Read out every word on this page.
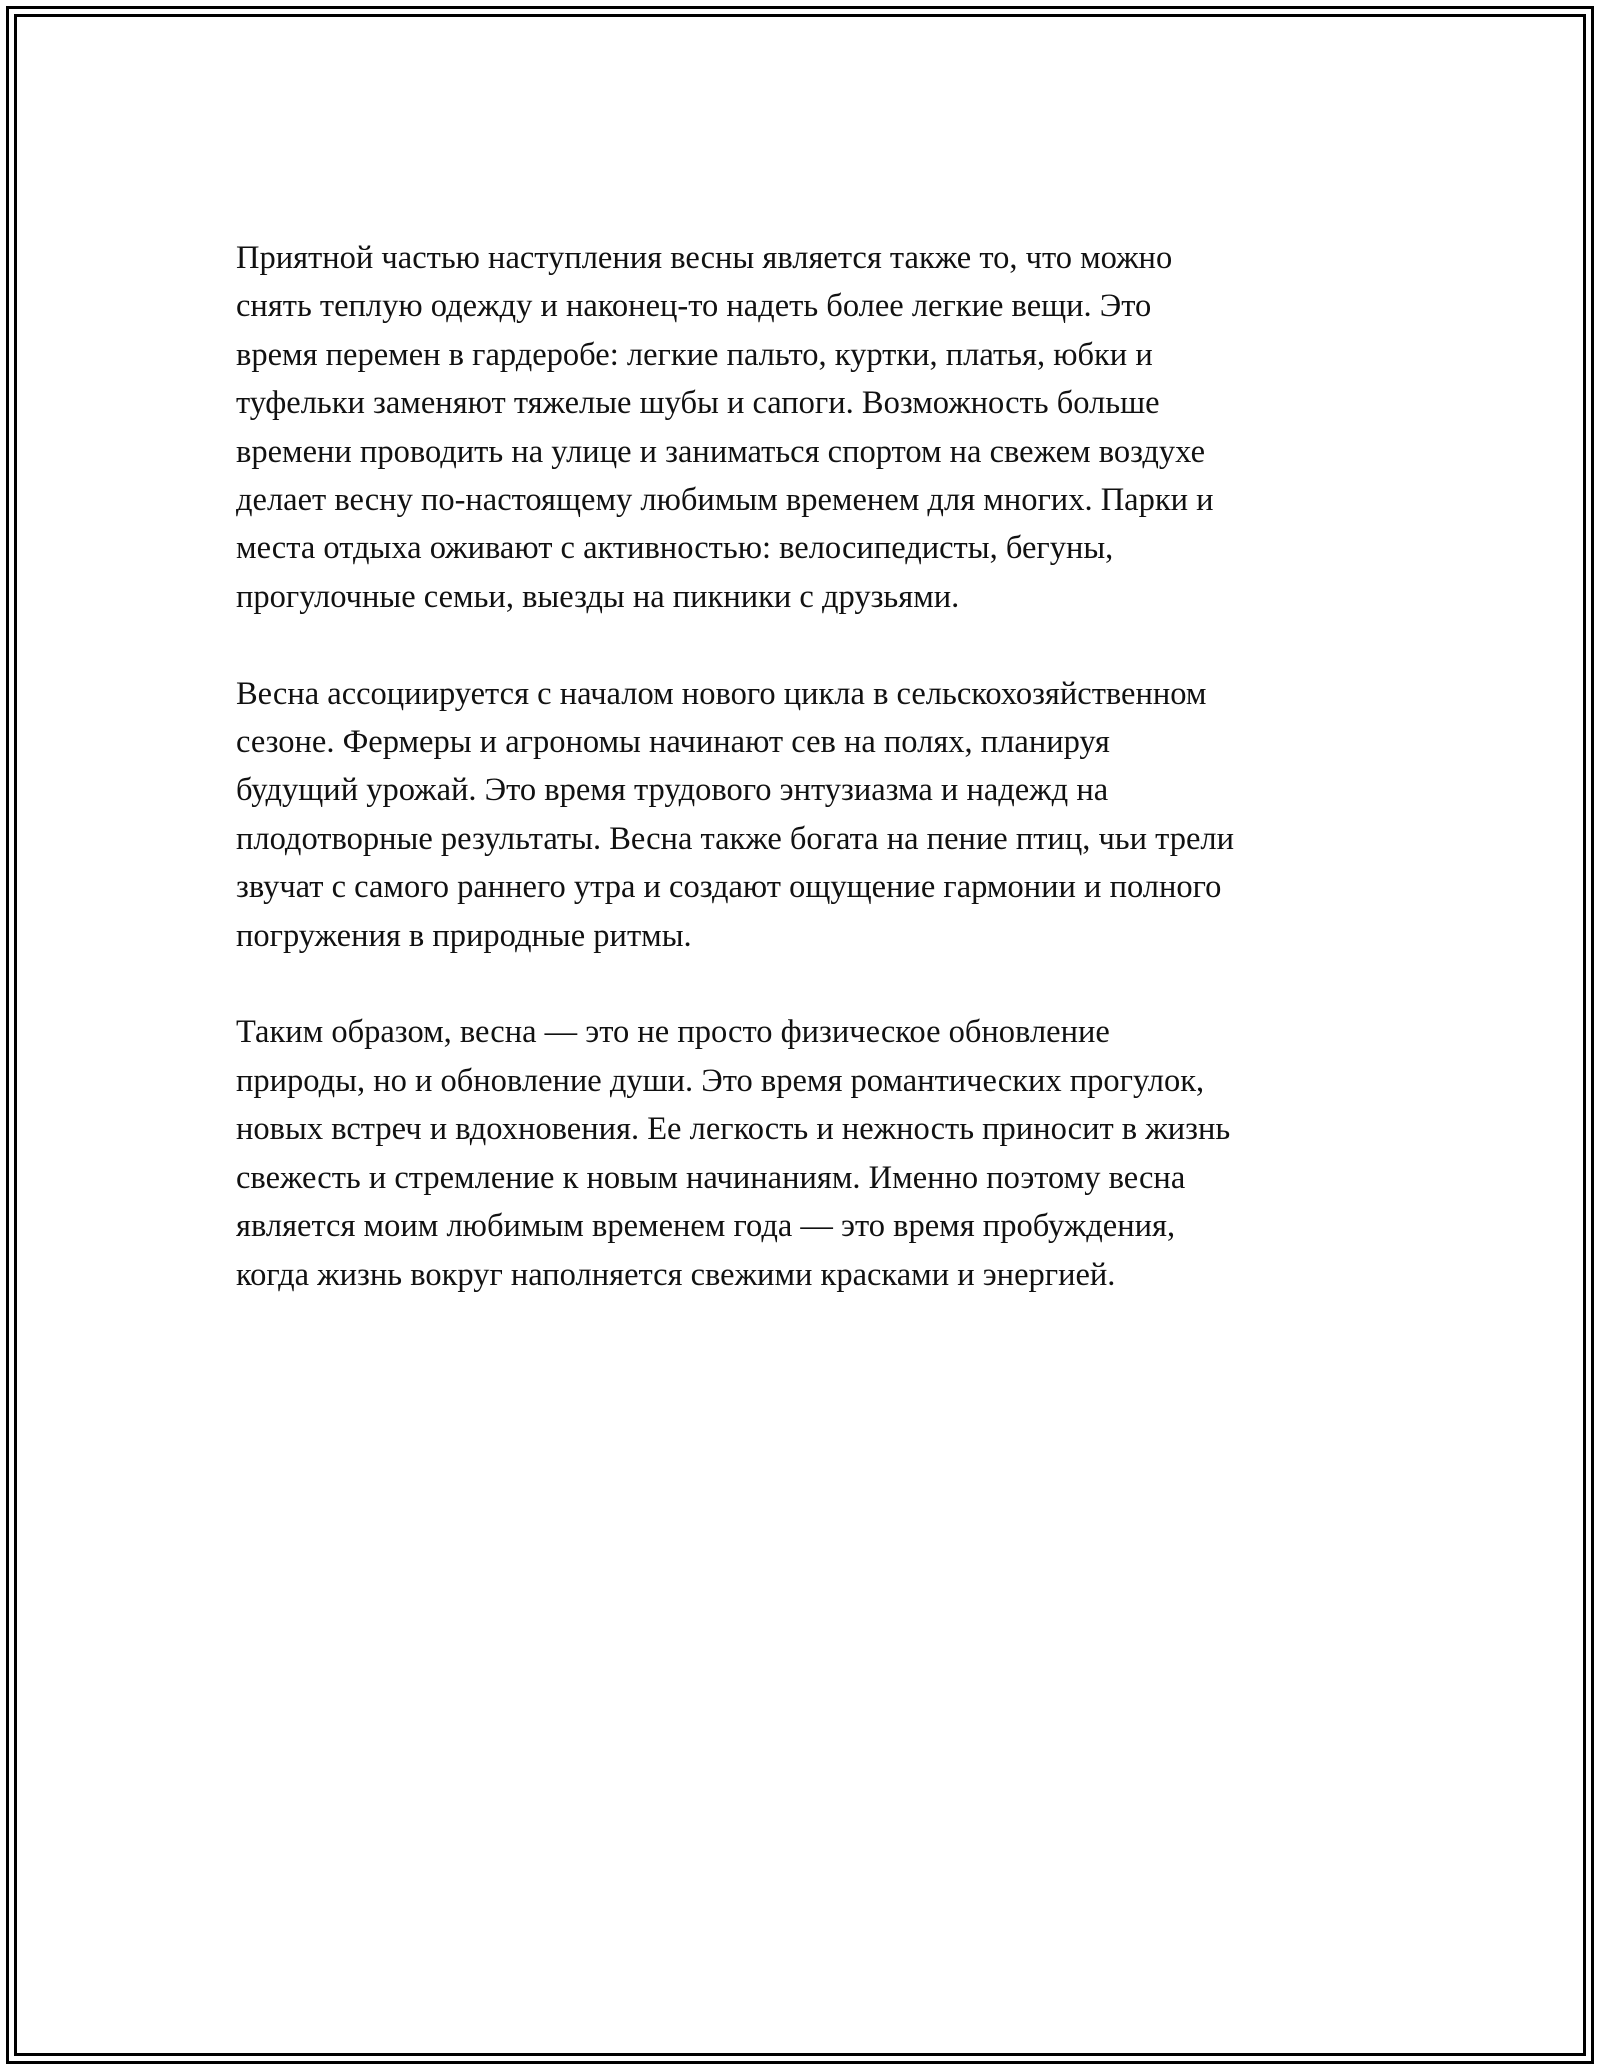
Приятной частью наступления весны является также то, что можно
снять теплую одежду и наконец-то надеть более легкие вещи. Это
время перемен в гардеробе: легкие пальто, куртки, платья, юбки и
туфельки заменяют тяжелые шубы и сапоги. Возможность больше
времени проводить на улице и заниматься спортом на свежем воздухе
делает весну по-настоящему любимым временем для многих. Парки и
места отдыха оживают с активностью: велосипедисты, бегуны,
прогулочные семьи, выезды на пикники с друзьями.

Весна ассоциируется с началом нового цикла в сельскохозяйственном
сезоне. Фермеры и агрономы начинают сев на полях, планируя
будущий урожай. Это время трудового энтузиазма и надежд на
плодотворные результаты. Весна также богата на пение птиц, чьи трели
звучат с самого раннего утра и создают ощущение гармонии и полного
погружения в природные ритмы.

Таким образом, весна — это не просто физическое обновление
природы, но и обновление души. Это время романтических прогулок,
новых встреч и вдохновения. Ее легкость и нежность приносит в жизнь
свежесть и стремление к новым начинаниям. Именно поэтому весна
является моим любимым временем года — это время пробуждения,
когда жизнь вокруг наполняется свежими красками и энергией.
